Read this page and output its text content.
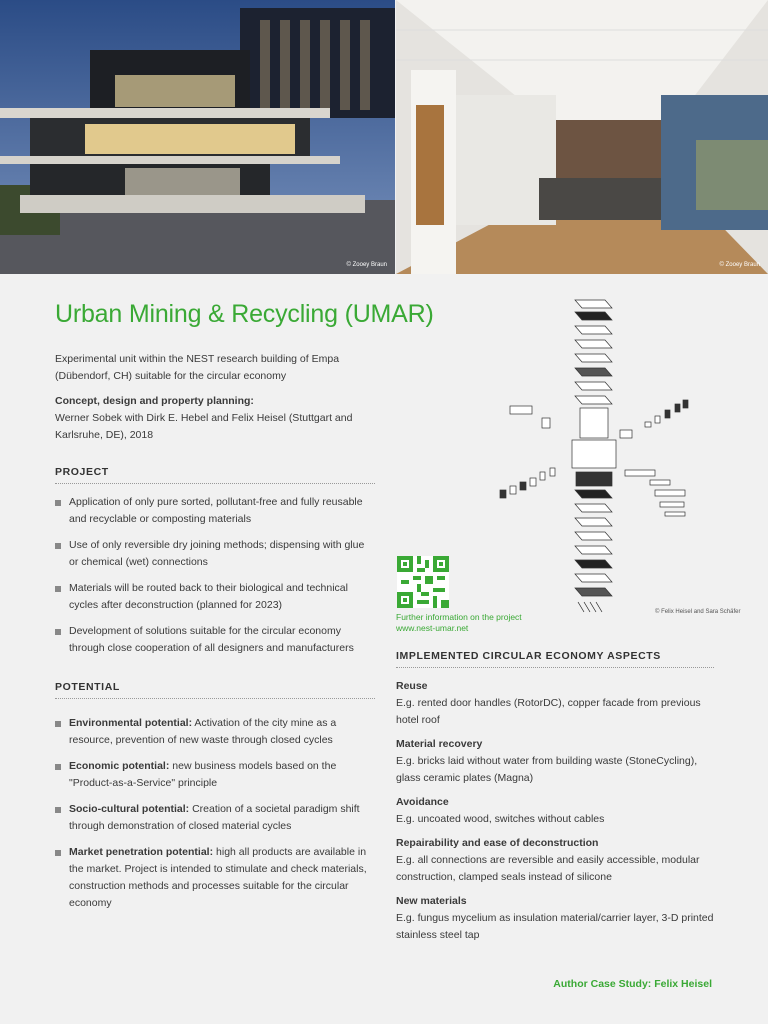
© Zooey Braun	© Zooey Braun
Urban Mining & Recycling (UMAR)

Experimental unit within the NEST research building of Empa (Dübendorf, CH) suitable for the circular economy

Concept, design and property planning:

Werner Sobek with Dirk E. Hebel and Felix Heisel (Stuttgart and Karlsruhe, DE), 2018

PROJECT
Application of only pure sorted, pollutant-free and fully reusable and recyclable or composting materials
Use of only reversible dry joining methods; dispensing with glue or chemical (wet) connections
Materials will be routed back to their biological and technical cycles after deconstruction (planned for 2023)
Development of solutions suitable for the circular economy through close cooperation of all designers and manufacturers
POTENTIAL
Environmental potential: Activation of the city mine as a resource, prevention of new waste through closed cycles
Economic potential: new business models based on the "Product-as-a-Service" principle
Socio-cultural potential: Creation of a societal paradigm shift through demonstration of closed material cycles
Market penetration potential: high all products are available in the market. Project is intended to stimulate and check materials, construction methods and processes suitable for the circular economy
© Felix Heisel and Sara Schäfer
Further information on the project
www.nest-umar.net
IMPLEMENTED CIRCULAR ECONOMY ASPECTS
Reuse
E.g. rented door handles (RotorDC), copper facade from previous hotel roof
Material recovery
E.g. bricks laid without water from building waste (StoneCycling), glass ceramic plates (Magna)
Avoidance
E.g. uncoated wood, switches without cables
Repairability and ease of deconstruction
E.g. all connections are reversible and easily accessible, modular construction, clamped seals instead of silicone
New materials
E.g. fungus mycelium as insulation material/carrier layer, 3-D printed stainless steel tap
Author Case Study: Felix Heisel
